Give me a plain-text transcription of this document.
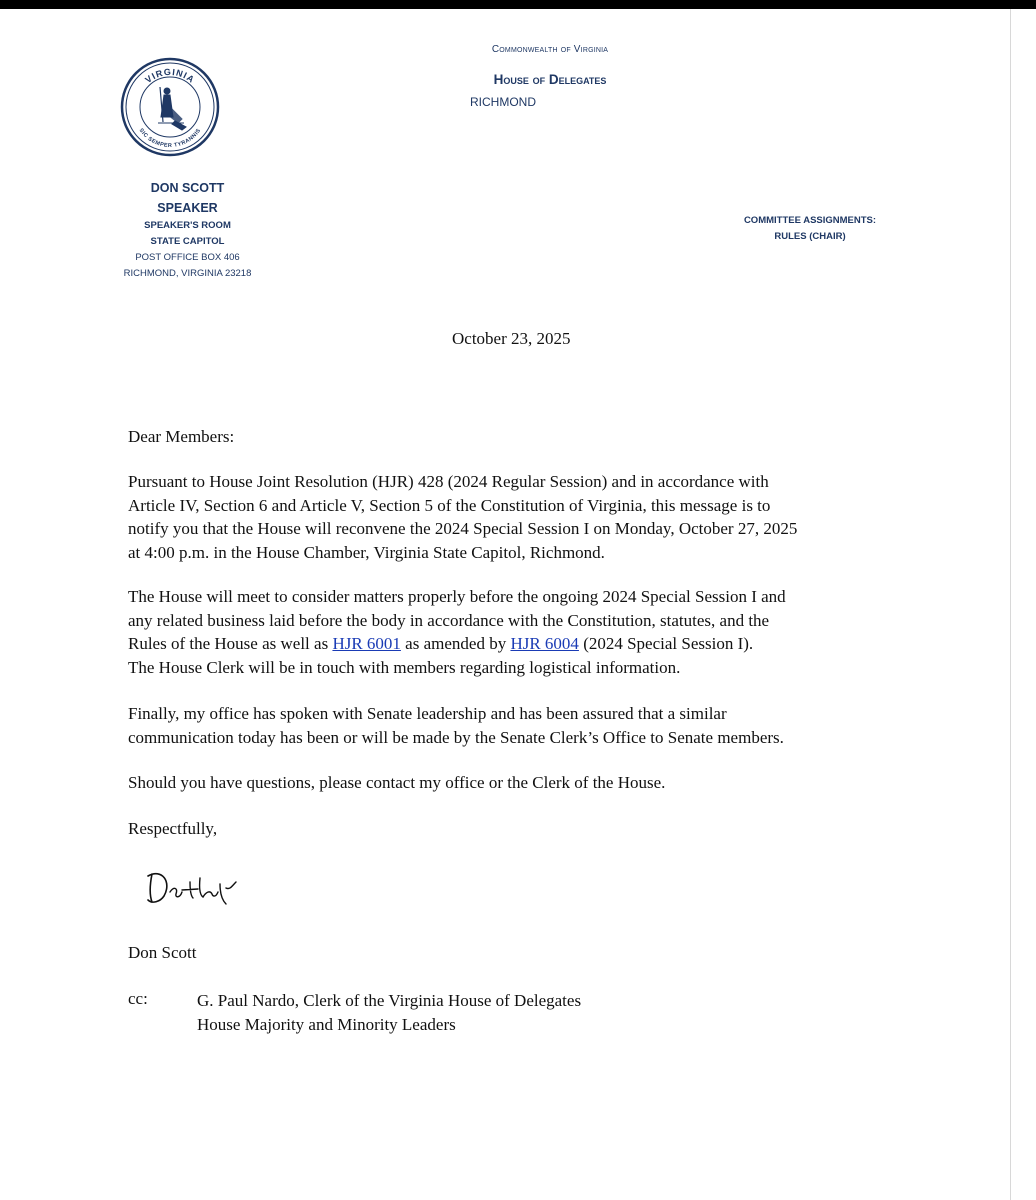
VIRGINIA
SIC SEMPER TYRANNIS
Commonwealth of Virginia
House of Delegates
RICHMOND
DON SCOTT
SPEAKER
SPEAKER'S ROOM
STATE CAPITOL
POST OFFICE BOX 406
RICHMOND, VIRGINIA 23218
COMMITTEE ASSIGNMENTS:
RULES (CHAIR)
October 23, 2025
Dear Members:
Pursuant to House Joint Resolution (HJR) 428 (2024 Regular Session) and in accordance with
Article IV, Section 6 and Article V, Section 5 of the Constitution of Virginia, this message is to
notify you that the House will reconvene the 2024 Special Session I on Monday, October 27, 2025
at 4:00 p.m. in the House Chamber, Virginia State Capitol, Richmond.
The House will meet to consider matters properly before the ongoing 2024 Special Session I and
any related business laid before the body in accordance with the Constitution, statutes, and the
Rules of the House as well as HJR 6001 as amended by HJR 6004 (2024 Special Session I).
The House Clerk will be in touch with members regarding logistical information.
Finally, my office has spoken with Senate leadership and has been assured that a similar
communication today has been or will be made by the Senate Clerk’s Office to Senate members.
Should you have questions, please contact my office or the Clerk of the House.
Respectfully,
Don Scott
cc:	G. Paul Nardo, Clerk of the Virginia House of Delegates
House Majority and Minority Leaders
